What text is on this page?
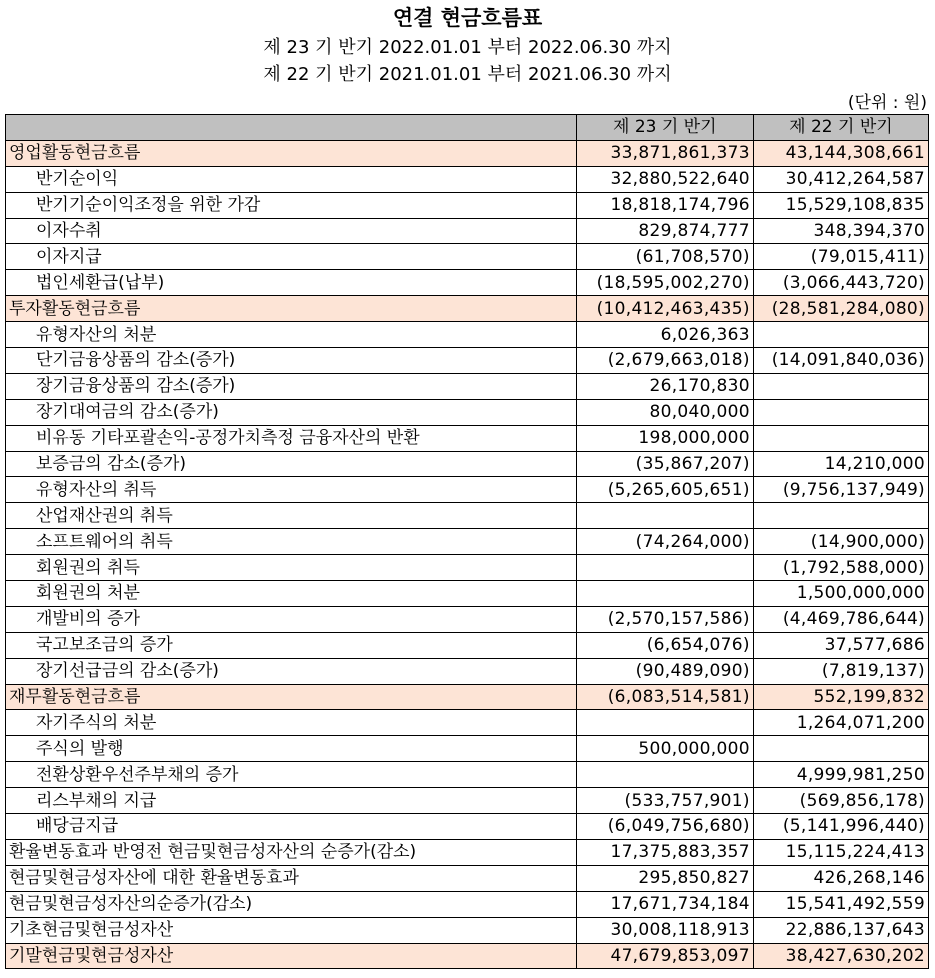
연결 현금흐름표
제 23 기 반기 2022.01.01 부터 2022.06.30 까지
제 22 기 반기 2021.01.01 부터 2021.06.30 까지
(단위 : 원)
	제 23 기 반기	제 22 기 반기
영업활동현금흐름	33,871,861,373	43,144,308,661
반기순이익	32,880,522,640	30,412,264,587
반기기순이익조정을 위한 가감	18,818,174,796	15,529,108,835
이자수취	829,874,777	348,394,370
이자지급	(61,708,570)	(79,015,411)
법인세환급(납부)	(18,595,002,270)	(3,066,443,720)
투자활동현금흐름	(10,412,463,435)	(28,581,284,080)
유형자산의 처분	6,026,363	
단기금융상품의 감소(증가)	(2,679,663,018)	(14,091,840,036)
장기금융상품의 감소(증가)	26,170,830	
장기대여금의 감소(증가)	80,040,000	
비유동 기타포괄손익-공정가치측정 금융자산의 반환	198,000,000	
보증금의 감소(증가)	(35,867,207)	14,210,000
유형자산의 취득	(5,265,605,651)	(9,756,137,949)
산업재산권의 취득		
소프트웨어의 취득	(74,264,000)	(14,900,000)
회원권의 취득		(1,792,588,000)
회원권의 처분		1,500,000,000
개발비의 증가	(2,570,157,586)	(4,469,786,644)
국고보조금의 증가	(6,654,076)	37,577,686
장기선급금의 감소(증가)	(90,489,090)	(7,819,137)
재무활동현금흐름	(6,083,514,581)	552,199,832
자기주식의 처분		1,264,071,200
주식의 발행	500,000,000	
전환상환우선주부채의 증가		4,999,981,250
리스부채의 지급	(533,757,901)	(569,856,178)
배당금지급	(6,049,756,680)	(5,141,996,440)
환율변동효과 반영전 현금및현금성자산의 순증가(감소)	17,375,883,357	15,115,224,413
현금및현금성자산에 대한 환율변동효과	295,850,827	426,268,146
현금및현금성자산의순증가(감소)	17,671,734,184	15,541,492,559
기초현금및현금성자산	30,008,118,913	22,886,137,643
기말현금및현금성자산	47,679,853,097	38,427,630,202
